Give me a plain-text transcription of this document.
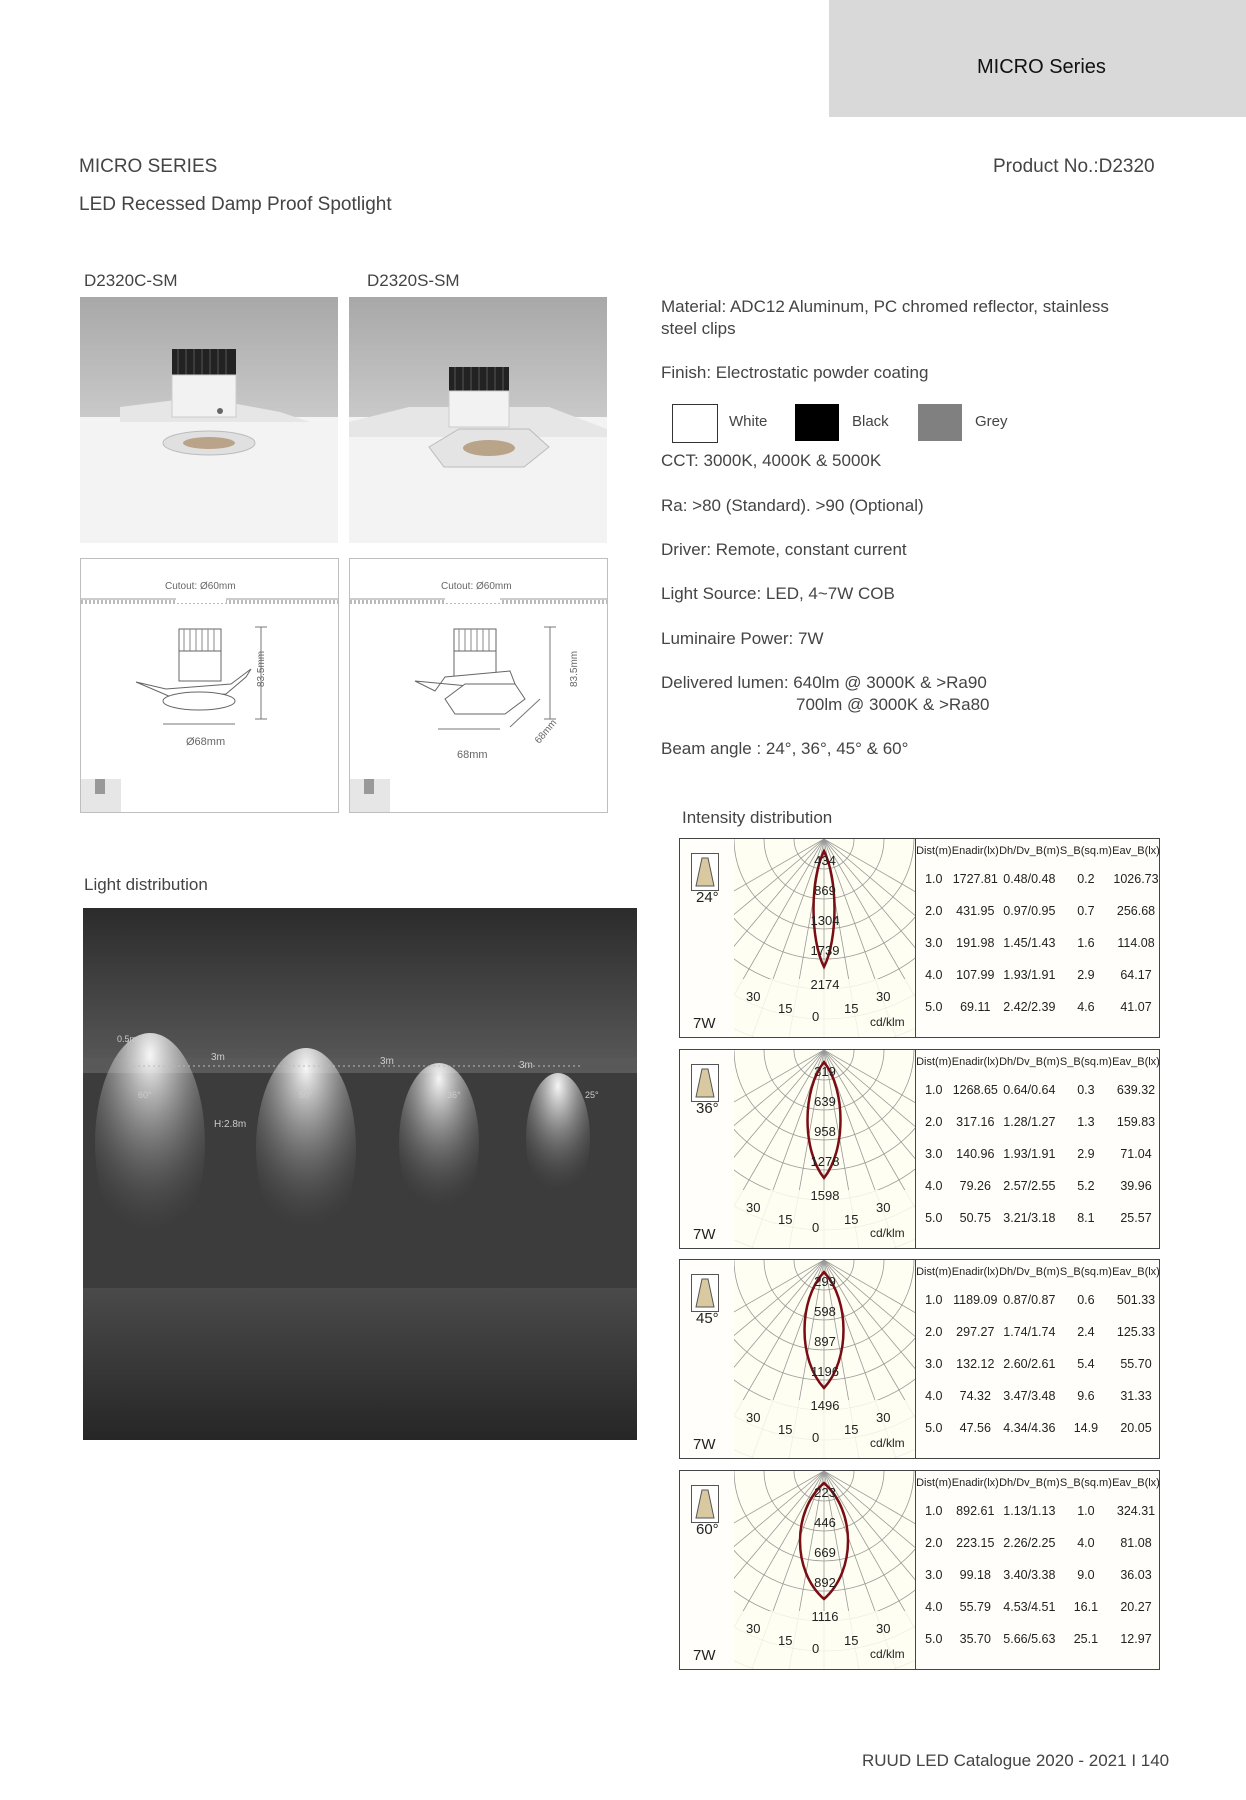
MICRO Series
MICRO SERIES
LED Recessed Damp Proof Spotlight
Product No.:D2320
D2320C-SM	D2320S-SM
Cutout: Ø60mm
83.5mm
Ø68mm
Cutout: Ø60mm
83.5mm
68mm
68mm
Material: ADC12 Aluminum, PC chromed reflector, stainless steel clips
Finish: Electrostatic powder coating
White	Black	Grey
CCT: 3000K, 4000K & 5000K
Ra: >80 (Standard). >90 (Optional)
Driver: Remote, constant current
Light Source: LED, 4~7W COB
Luminaire Power: 7W
Delivered lumen: 640lm @ 3000K & >Ra90
700lm @ 3000K & >Ra80
Beam angle : 24°, 36°, 45° & 60°
Light distribution
0.5m
3m	3m	3m
60°	50°	36°	25°
H:2.8m
Intensity distribution
24°
7W
434
869
1304
1739
2174
30
15
0
15
30
cd/klm
Dist(m)	Enadir(lx)	Dh/Dv_B(m)	S_B(sq.m)	Eav_B(lx)
1.0	1727.81	0.48/0.48	0.2	1026.73
2.0	431.95	0.97/0.95	0.7	256.68
3.0	191.98	1.45/1.43	1.6	114.08
4.0	107.99	1.93/1.91	2.9	64.17
5.0	69.11	2.42/2.39	4.6	41.07
36°
7W
319
639
958
1278
1598
30
15
0
15
30
cd/klm
Dist(m)	Enadir(lx)	Dh/Dv_B(m)	S_B(sq.m)	Eav_B(lx)
1.0	1268.65	0.64/0.64	0.3	639.32
2.0	317.16	1.28/1.27	1.3	159.83
3.0	140.96	1.93/1.91	2.9	71.04
4.0	79.26	2.57/2.55	5.2	39.96
5.0	50.75	3.21/3.18	8.1	25.57
45°
7W
299
598
897
1196
1496
30
15
0
15
30
cd/klm
Dist(m)	Enadir(lx)	Dh/Dv_B(m)	S_B(sq.m)	Eav_B(lx)
1.0	1189.09	0.87/0.87	0.6	501.33
2.0	297.27	1.74/1.74	2.4	125.33
3.0	132.12	2.60/2.61	5.4	55.70
4.0	74.32	3.47/3.48	9.6	31.33
5.0	47.56	4.34/4.36	14.9	20.05
60°
7W
223
446
669
892
1116
30
15
0
15
30
cd/klm
Dist(m)	Enadir(lx)	Dh/Dv_B(m)	S_B(sq.m)	Eav_B(lx)
1.0	892.61	1.13/1.13	1.0	324.31
2.0	223.15	2.26/2.25	4.0	81.08
3.0	99.18	3.40/3.38	9.0	36.03
4.0	55.79	4.53/4.51	16.1	20.27
5.0	35.70	5.66/5.63	25.1	12.97
RUUD LED Catalogue 2020 - 2021 I 140
